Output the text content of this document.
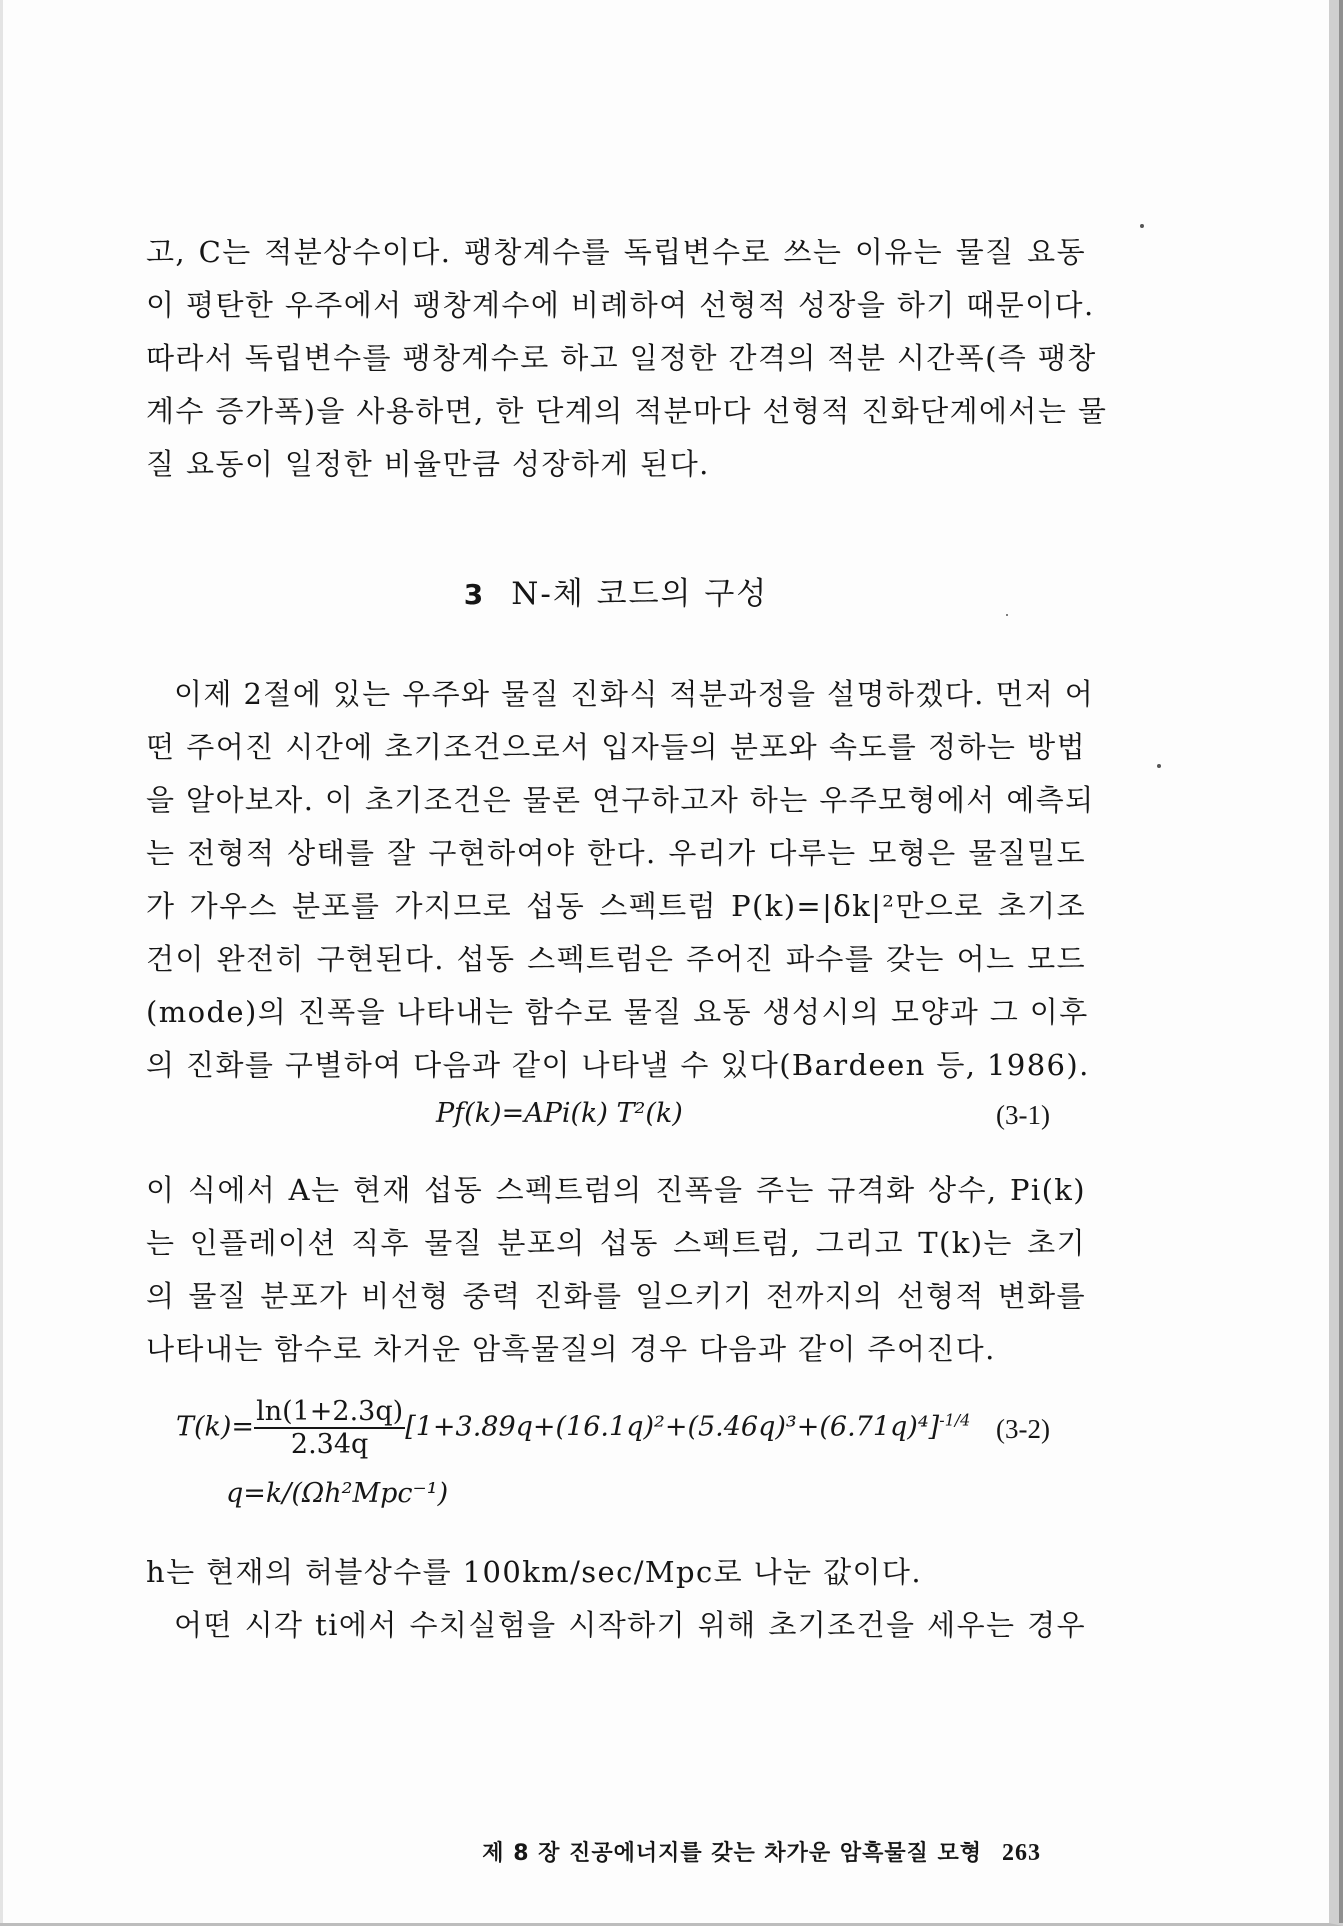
고, C는 적분상수이다. 팽창계수를 독립변수로 쓰는 이유는 물질 요동
이 평탄한 우주에서 팽창계수에 비례하여 선형적 성장을 하기 때문이다.
따라서 독립변수를 팽창계수로 하고 일정한 간격의 적분 시간폭(즉 팽창
계수 증가폭)을 사용하면, 한 단계의 적분마다 선형적 진화단계에서는 물
질 요동이 일정한 비율만큼 성장하게 된다.
3 N-체 코드의 구성
이제 2절에 있는 우주와 물질 진화식 적분과정을 설명하겠다. 먼저 어
떤 주어진 시간에 초기조건으로서 입자들의 분포와 속도를 정하는 방법
을 알아보자. 이 초기조건은 물론 연구하고자 하는 우주모형에서 예측되
는 전형적 상태를 잘 구현하여야 한다. 우리가 다루는 모형은 물질밀도
가 가우스 분포를 가지므로 섭동 스펙트럼 P(k)=|δk|²만으로 초기조
건이 완전히 구현된다. 섭동 스펙트럼은 주어진 파수를 갖는 어느 모드
(mode)의 진폭을 나타내는 함수로 물질 요동 생성시의 모양과 그 이후
의 진화를 구별하여 다음과 같이 나타낼 수 있다(Bardeen 등, 1986).
Pf(k)=APi(k) T²(k)	(3-1)
이 식에서 A는 현재 섭동 스펙트럼의 진폭을 주는 규격화 상수, Pi(k)
는 인플레이션 직후 물질 분포의 섭동 스펙트럼, 그리고 T(k)는 초기
의 물질 분포가 비선형 중력 진화를 일으키기 전까지의 선형적 변화를
나타내는 함수로 차거운 암흑물질의 경우 다음과 같이 주어진다.
$T(k)= \frac{\ln(1+2.3q)}{2.34q} [1+3.89q+(16.1q)^2+(5.46q)^3+(6.71q)^4]^{-1/4}$ (3-2)
q=k/(Ωh²Mpc⁻¹)
h는 현재의 허블상수를 100km/sec/Mpc로 나눈 값이다.
어떤 시각 ti에서 수치실험을 시작하기 위해 초기조건을 세우는 경우
제 8 장 진공에너지를 갖는 차가운 암흑물질 모형 263
